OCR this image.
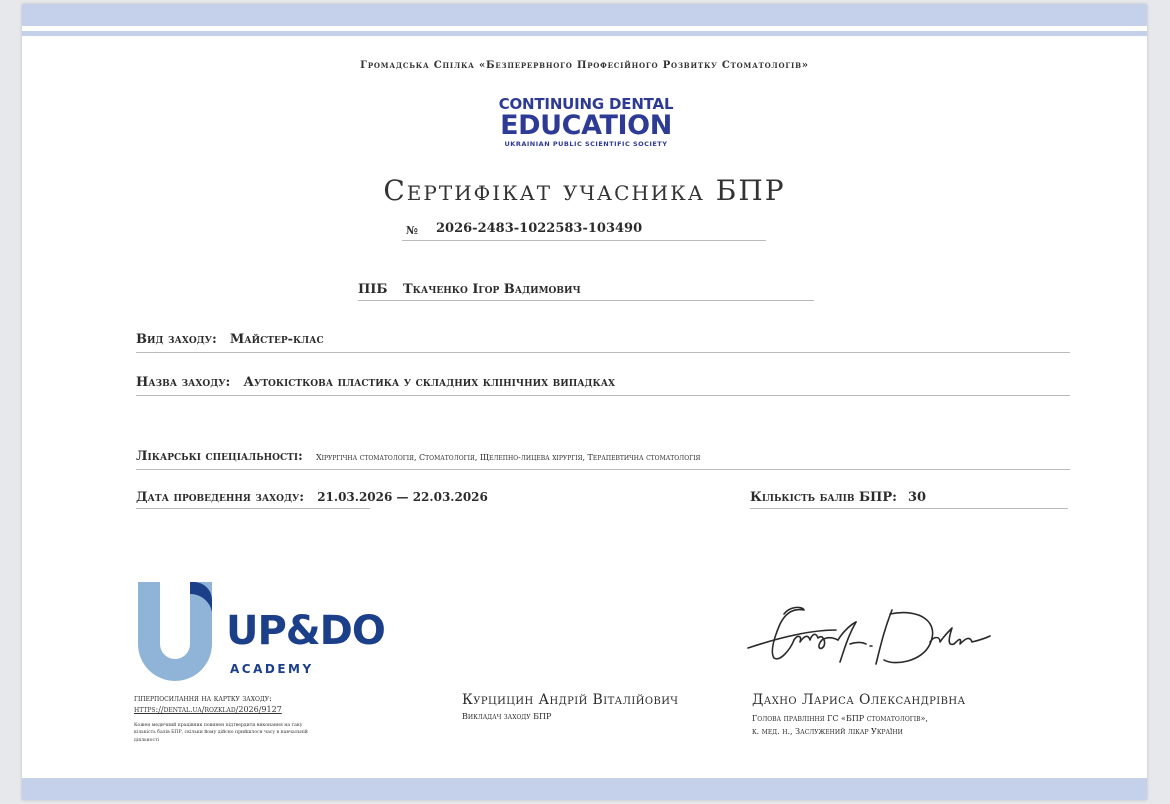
Громадська Спілка «Безперервного Професійного Розвитку Стоматологів»
CONTINUING DENTAL
EDUCATION
UKRAINIAN PUBLIC SCIENTIFIC SOCIETY
Сертифікат учасника БПР
№ 2026-2483-1022583-103490
ПІБ Ткаченко Ігор Вадимович
Вид заходу: Майстер-клас
Назва заходу: Аутокісткова пластика у складних клінічних випадках
Лікарські спеціальності: Хірургічна стоматологія, Стоматологія, Щелепно-лицева хірургія, Терапевтична стоматологія
Дата проведення заходу: 21.03.2026 — 22.03.2026	Кількість балів БПР: 30
UP&DO
ACADEMY
гіперпосилання на картку заходу:
https://dental.ua/rozklad/2026/9127
Кожен медичний працівник повинен підтвердити виконання на таку кількість балів БПР, скільки йому дійсно прийшлося часу в навчальній діяльності
Курцицин Андрій Віталійович
Викладач заходу БПР
Дахно Лариса Олександрівна
Голова правління ГС «БПР стоматологів»,
к. мед. н., Заслужений лікар України
